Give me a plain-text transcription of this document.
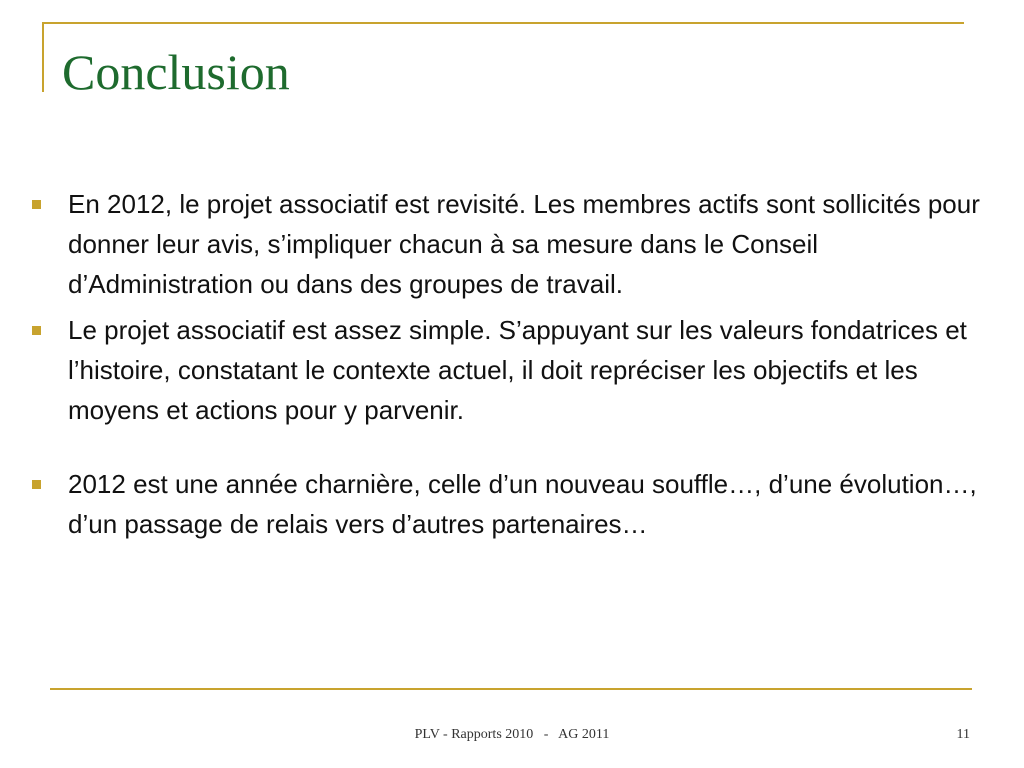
Conclusion
En 2012, le projet associatif est revisité. Les membres actifs sont sollicités pour donner leur avis, s’impliquer chacun à sa mesure dans le Conseil d’Administration ou dans des groupes de travail.
Le projet associatif est assez simple. S’appuyant sur les valeurs fondatrices et l’histoire, constatant le contexte actuel, il doit repréciser les objectifs et les moyens et actions pour y parvenir.
2012 est une année charnière, celle d’un nouveau souffle…, d’une évolution…, d’un passage de relais vers d’autres partenaires…
PLV - Rapports 2010   -   AG 2011	11
